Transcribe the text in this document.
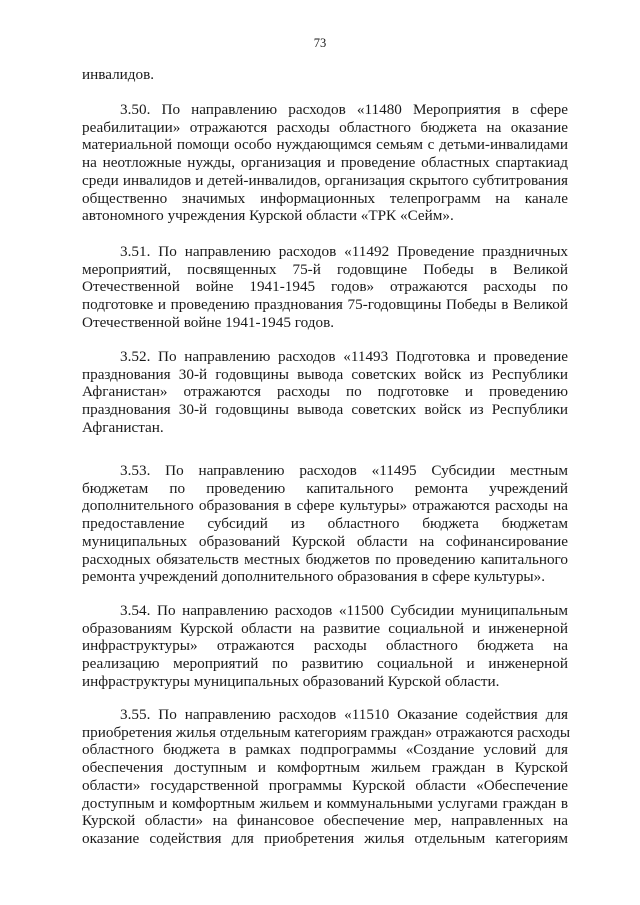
73
инвалидов.
3.50. По направлению расходов «11480 Мероприятия в сфере
реабилитации» отражаются расходы областного бюджета на оказание
материальной помощи особо нуждающимся семьям с детьми-инвалидами
на неотложные нужды, организация и проведение областных спартакиад
среди инвалидов и детей-инвалидов, организация скрытого субтитрования
общественно значимых информационных телепрограмм на канале
автономного учреждения Курской области «ТРК «Сейм».
3.51. По направлению расходов «11492 Проведение праздничных
мероприятий, посвященных 75-й годовщине Победы в Великой
Отечественной войне 1941-1945 годов» отражаются расходы по
подготовке и проведению празднования 75-годовщины Победы в Великой
Отечественной войне 1941-1945 годов.
3.52. По направлению расходов «11493 Подготовка и проведение
празднования 30-й годовщины вывода советских войск из Республики
Афганистан» отражаются расходы по подготовке и проведению
празднования 30-й годовщины вывода советских войск из Республики
Афганистан.
3.53. По направлению расходов «11495 Субсидии местным
бюджетам по проведению капитального ремонта учреждений
дополнительного образования в сфере культуры» отражаются расходы на
предоставление субсидий из областного бюджета бюджетам
муниципальных образований Курской области на софинансирование
расходных обязательств местных бюджетов по проведению капитального
ремонта учреждений дополнительного образования в сфере культуры».
3.54. По направлению расходов «11500 Субсидии муниципальным
образованиям Курской области на развитие социальной и инженерной
инфраструктуры» отражаются расходы областного бюджета на
реализацию мероприятий по развитию социальной и инженерной
инфраструктуры муниципальных образований Курской области.
3.55. По направлению расходов «11510 Оказание содействия для
приобретения жилья отдельным категориям граждан» отражаются расходы
областного бюджета в рамках подпрограммы «Создание условий для
обеспечения доступным и комфортным жильем граждан в Курской
области» государственной программы Курской области «Обеспечение
доступным и комфортным жильем и коммунальными услугами граждан в
Курской области» на финансовое обеспечение мер, направленных на
оказание содействия для приобретения жилья отдельным категориям
